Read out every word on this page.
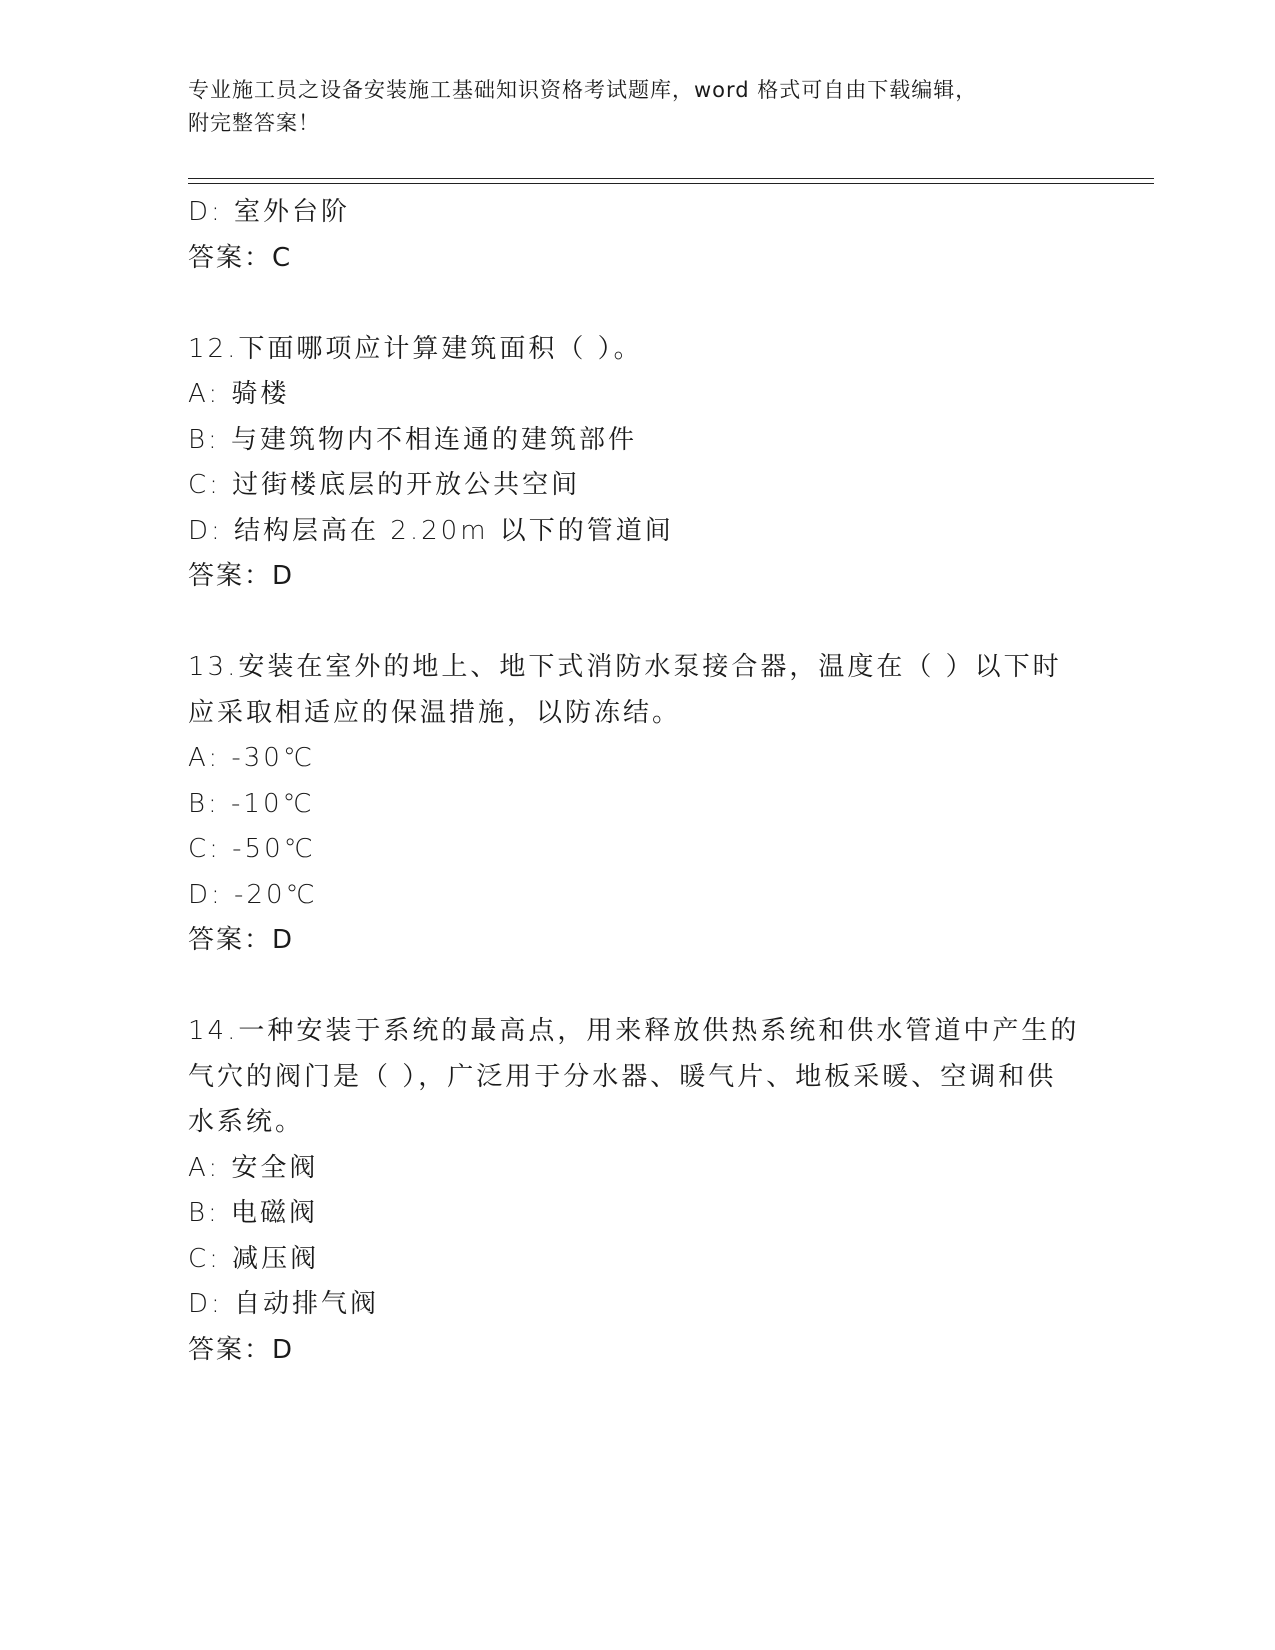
专业施工员之设备安装施工基础知识资格考试题库，word 格式可自由下载编辑，
附完整答案！
D: 室外台阶
答案：C
12.下面哪项应计算建筑面积（ ）。
A: 骑楼
B: 与建筑物内不相连通的建筑部件
C: 过街楼底层的开放公共空间
D: 结构层高在 2.20m 以下的管道间
答案：D
13.安装在室外的地上、地下式消防水泵接合器，温度在（ ）以下时
应采取相适应的保温措施，以防冻结。
A: -30℃
B: -10℃
C: -50℃
D: -20℃
答案：D
14.一种安装于系统的最高点，用来释放供热系统和供水管道中产生的
气穴的阀门是（ ），广泛用于分水器、暖气片、地板采暖、空调和供
水系统。
A: 安全阀
B: 电磁阀
C: 减压阀
D: 自动排气阀
答案：D
